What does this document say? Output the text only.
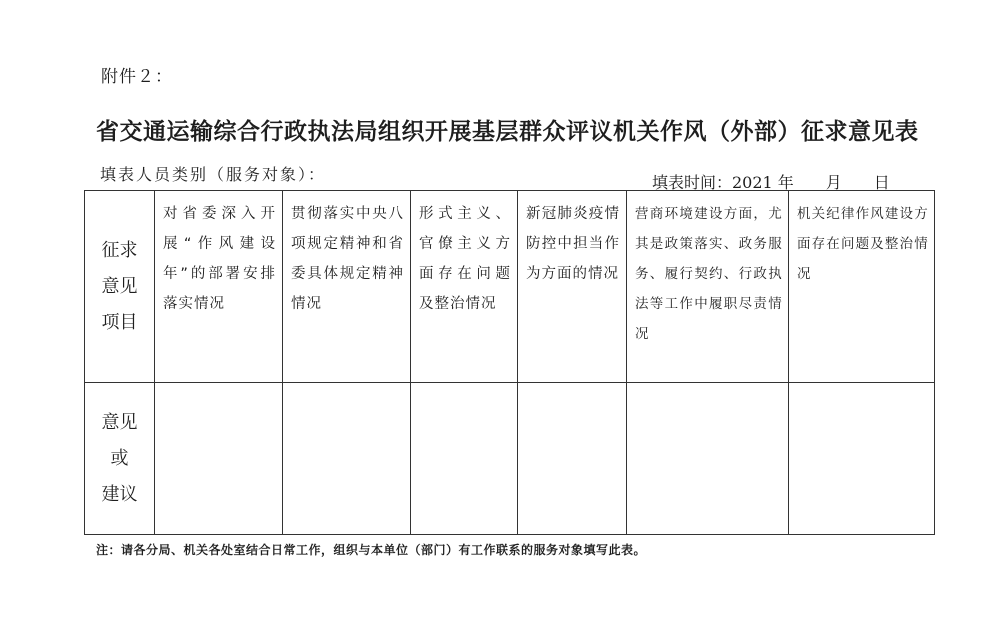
附件２：
省交通运输综合行政执法局组织开展基层群众评议机关作风（外部）征求意见表
填表人员类别（服务对象）：	填表时间：2021 年　　月　　日
征求
意见
项目	对省委深入开展“作风建设年”的部署安排落实情况	贯彻落实中央八项规定精神和省委具体规定精神情况	形式主义、官僚主义方面存在问题及整治情况	新冠肺炎疫情防控中担当作为方面的情况	营商环境建设方面，尤其是政策落实、政务服务、履行契约、行政执法等工作中履职尽责情况	机关纪律作风建设方面存在问题及整治情况

意见
或
建议						

注：请各分局、机关各处室结合日常工作，组织与本单位（部门）有工作联系的服务对象填写此表。
